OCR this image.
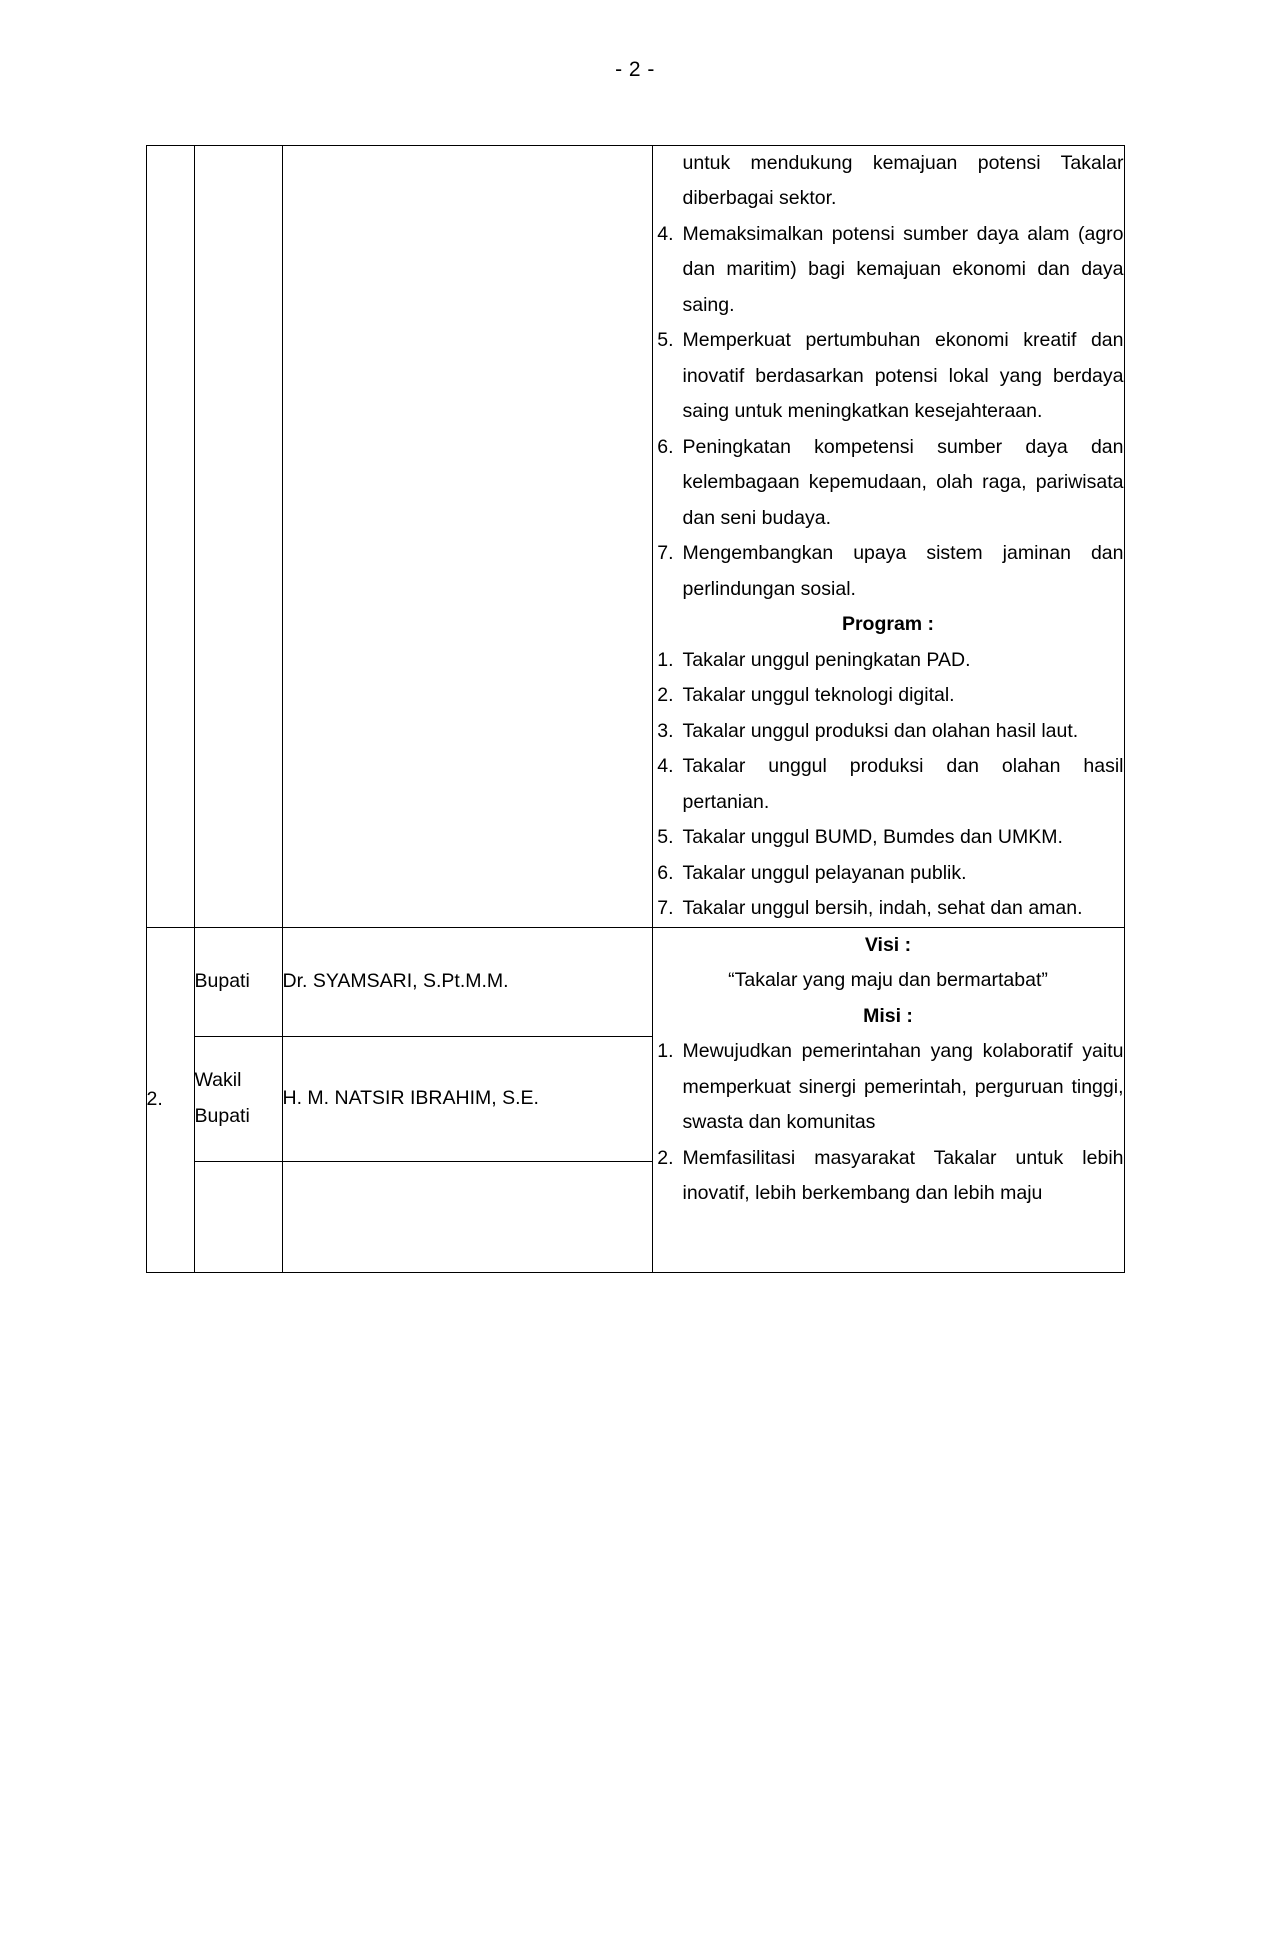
- 2 -

untuk mendukung kemajuan potensi Takalar diberbagai sektor.
4. Memaksimalkan potensi sumber daya alam (agro dan maritim) bagi kemajuan ekonomi dan daya saing.
5. Memperkuat pertumbuhan ekonomi kreatif dan inovatif berdasarkan potensi lokal yang berdaya saing untuk meningkatkan kesejahteraan.
6. Peningkatan kompetensi sumber daya dan kelembagaan kepemudaan, olah raga, pariwisata dan seni budaya.
7. Mengembangkan upaya sistem jaminan dan perlindungan sosial.
Program :
1. Takalar unggul peningkatan PAD.
2. Takalar unggul teknologi digital.
3. Takalar unggul produksi dan olahan hasil laut.
4. Takalar unggul produksi dan olahan hasil pertanian.
5. Takalar unggul BUMD, Bumdes dan UMKM.
6. Takalar unggul pelayanan publik.
7. Takalar unggul bersih, indah, sehat dan aman.

2.

Bupati	Dr. SYAMSARI, S.Pt.M.M.

Visi :
“Takalar yang maju dan bermartabat”
Misi :
1. Mewujudkan pemerintahan yang kolaboratif yaitu memperkuat sinergi pemerintah, perguruan tinggi, swasta dan komunitas
2. Memfasilitasi masyarakat Takalar untuk lebih inovatif, lebih berkembang dan lebih maju

Wakil Bupati	H. M. NATSIR IBRAHIM, S.E.	
